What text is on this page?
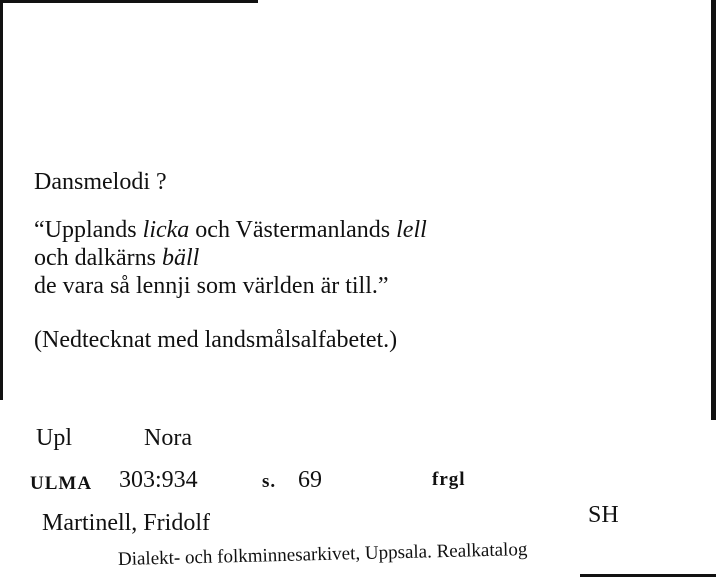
Dansmelodi ?
“Upplands licka och Västermanlands lell
och dalkärns bäll
de vara så lennji som världen är till.”
(Nedtecknat med landsmålsalfabetet.)
Upl	Nora
ULMA 303:934	s. 69	frgl
Martinell, Fridolf	SH
Dialekt- och folkminnesarkivet, Uppsala. Realkatalog
